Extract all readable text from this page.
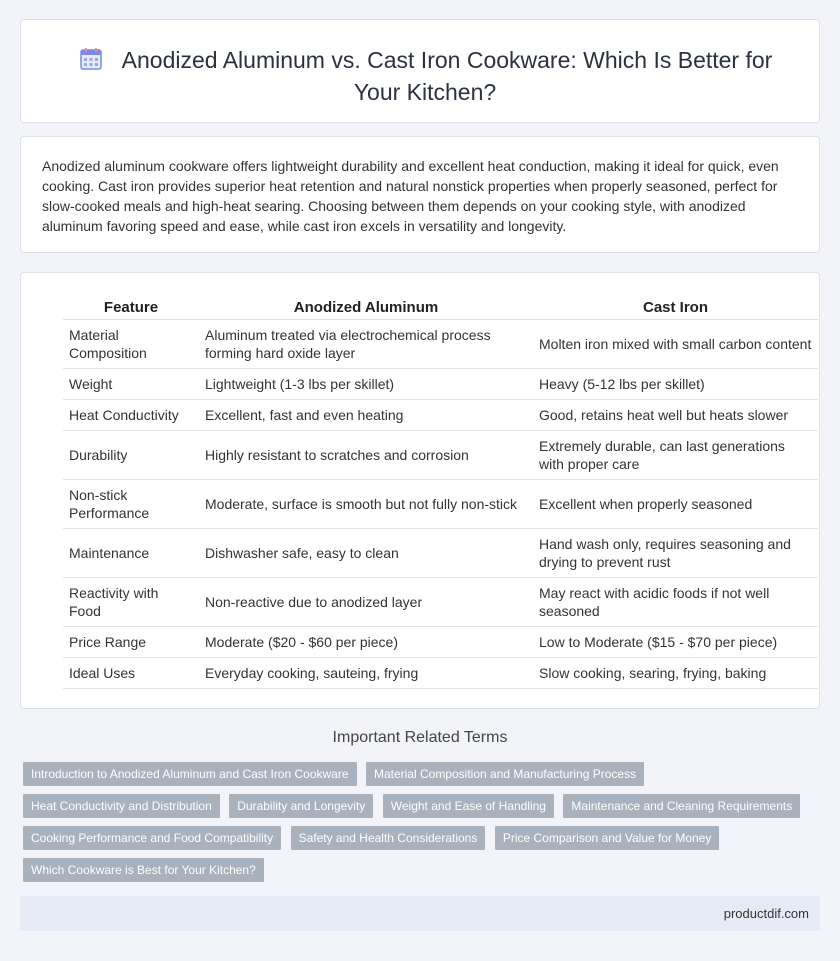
Anodized Aluminum vs. Cast Iron Cookware: Which Is Better for Your Kitchen?

Anodized aluminum cookware offers lightweight durability and excellent heat conduction, making it ideal for quick, even cooking. Cast iron provides superior heat retention and natural nonstick properties when properly seasoned, perfect for slow-cooked meals and high-heat searing. Choosing between them depends on your cooking style, with anodized aluminum favoring speed and ease, while cast iron excels in versatility and longevity.

Feature	Anodized Aluminum	Cast Iron
Material Composition	Aluminum treated via electrochemical process forming hard oxide layer	Molten iron mixed with small carbon content
Weight	Lightweight (1-3 lbs per skillet)	Heavy (5-12 lbs per skillet)
Heat Conductivity	Excellent, fast and even heating	Good, retains heat well but heats slower
Durability	Highly resistant to scratches and corrosion	Extremely durable, can last generations with proper care
Non-stick Performance	Moderate, surface is smooth but not fully non-stick	Excellent when properly seasoned
Maintenance	Dishwasher safe, easy to clean	Hand wash only, requires seasoning and drying to prevent rust
Reactivity with Food	Non-reactive due to anodized layer	May react with acidic foods if not well seasoned
Price Range	Moderate ($20 - $60 per piece)	Low to Moderate ($15 - $70 per piece)
Ideal Uses	Everyday cooking, sauteing, frying	Slow cooking, searing, frying, baking
Important Related Terms
Introduction to Anodized Aluminum and Cast Iron Cookware Material Composition and Manufacturing Process Heat Conductivity and Distribution Durability and Longevity Weight and Ease of Handling Maintenance and Cleaning Requirements Cooking Performance and Food Compatibility Safety and Health Considerations Price Comparison and Value for Money Which Cookware is Best for Your Kitchen?
productdif.com
